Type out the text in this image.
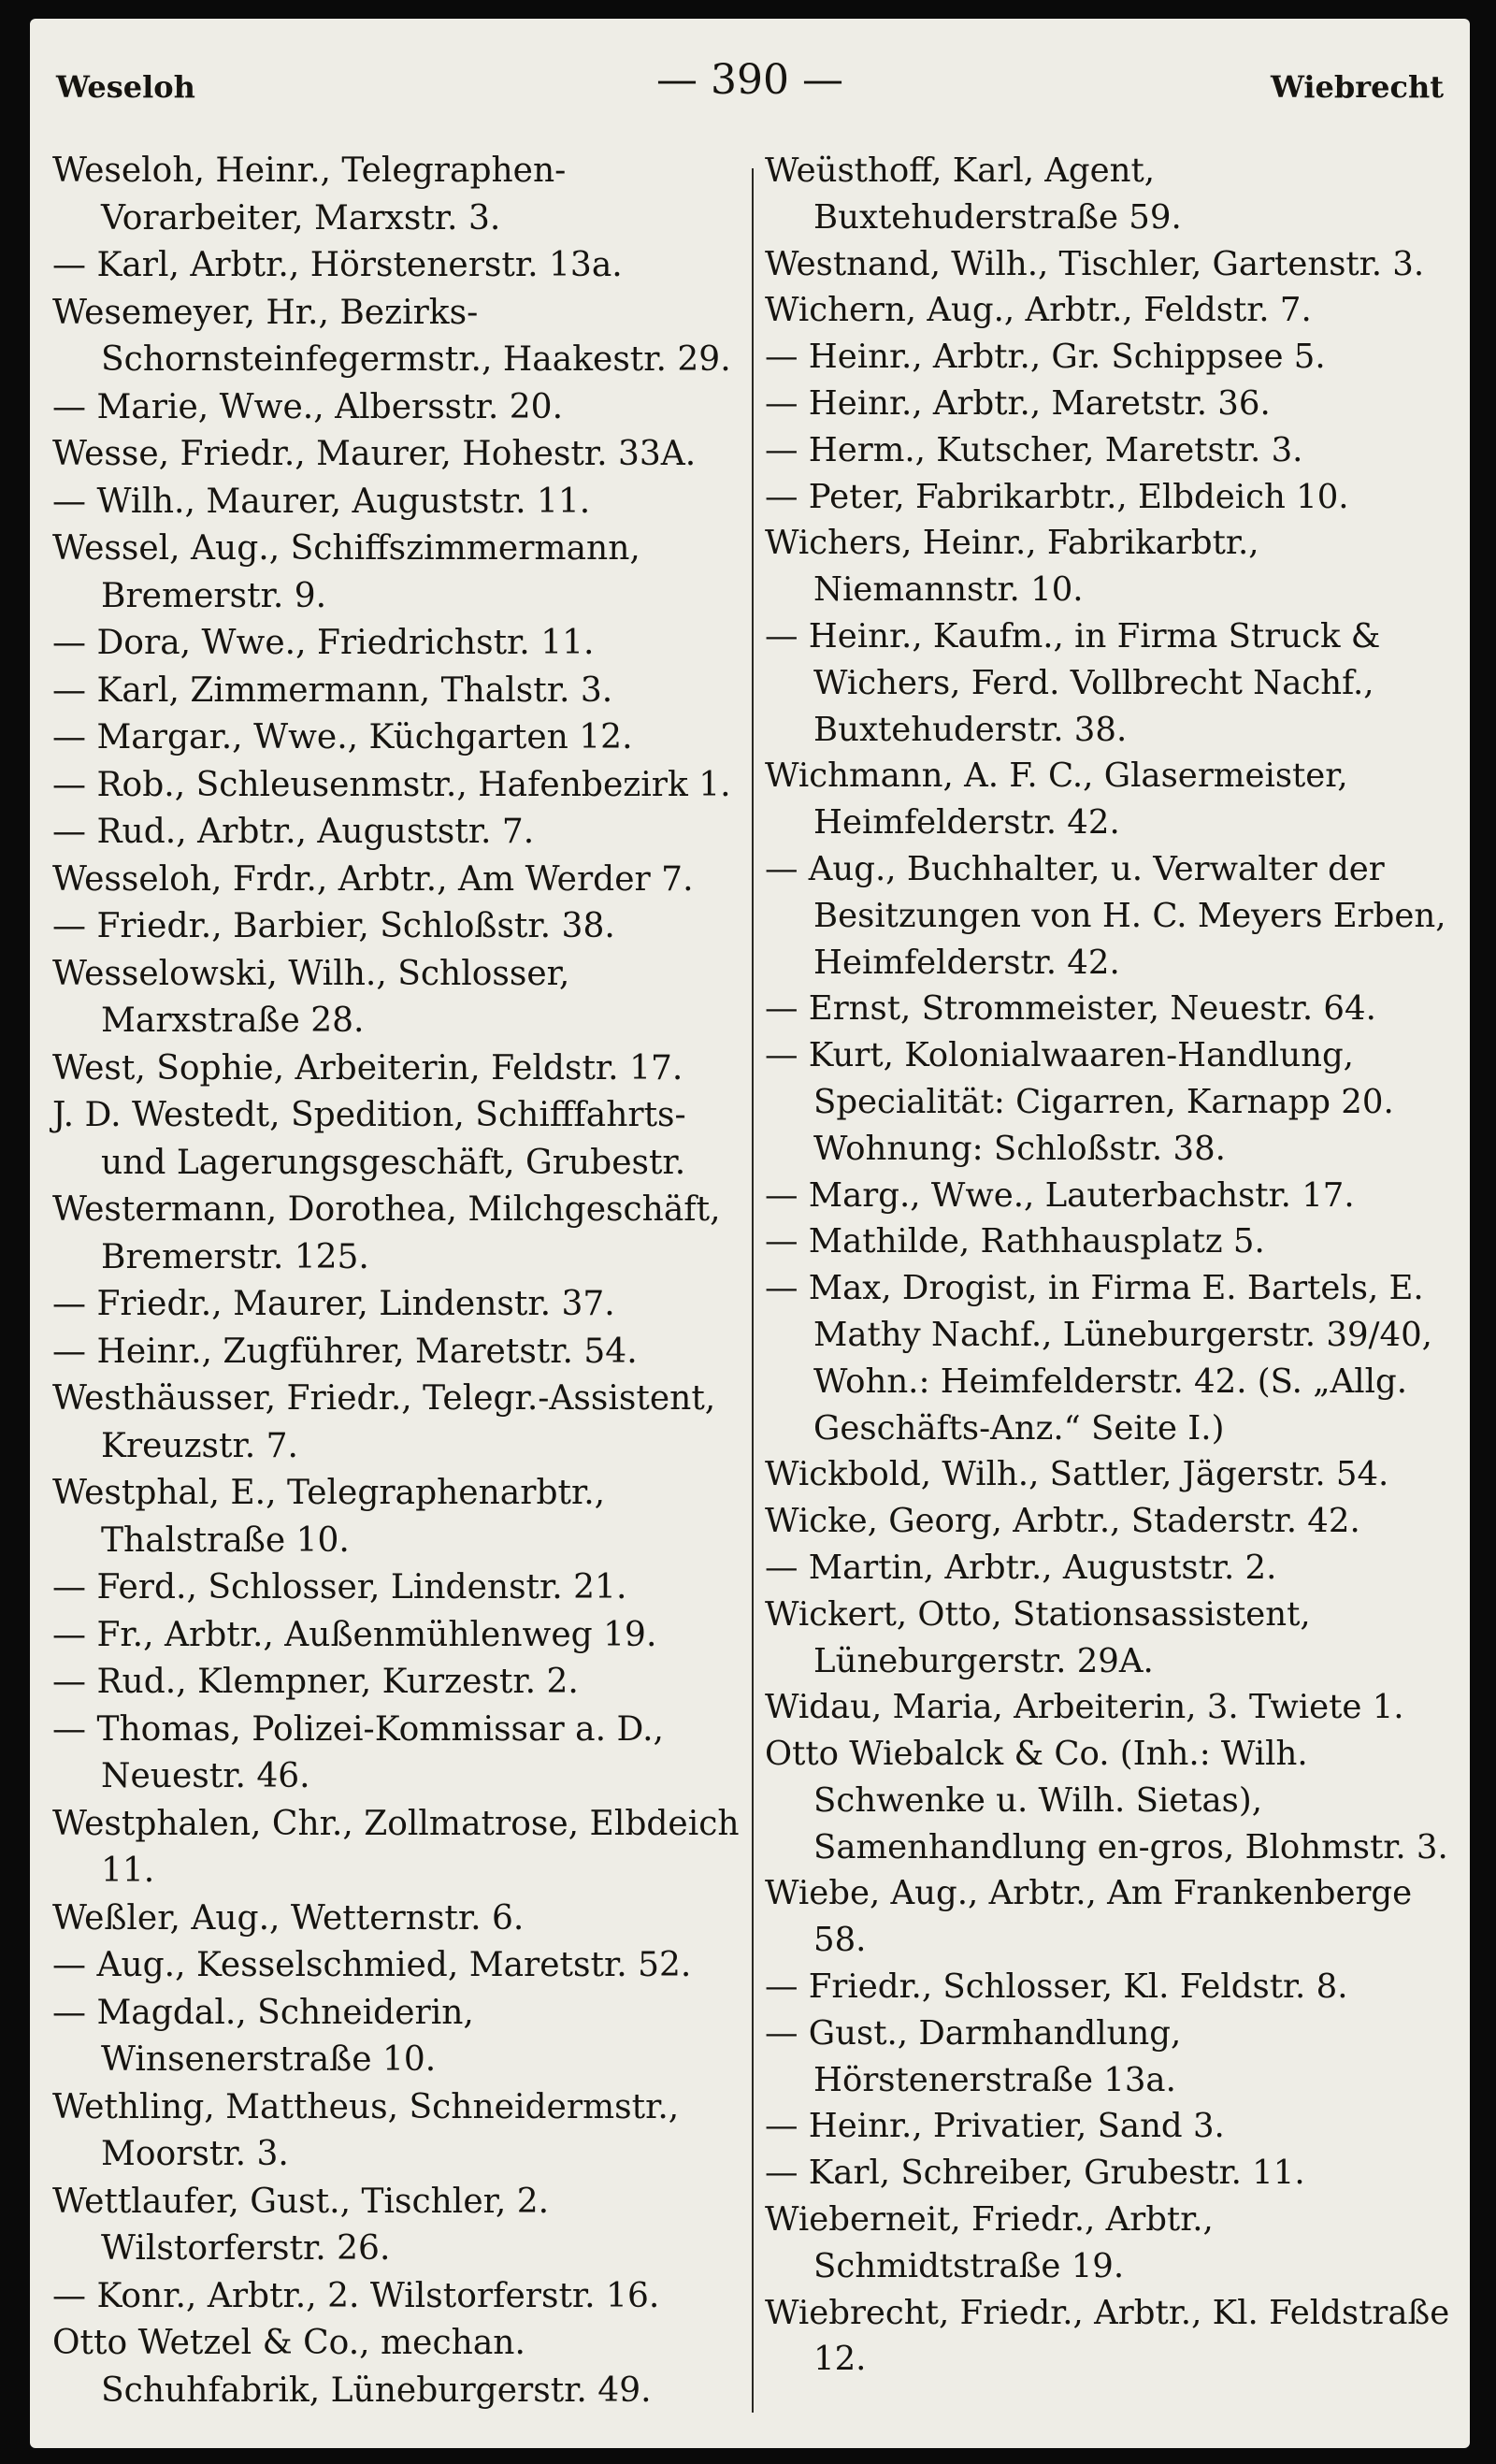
Weseloh	— 390 —	Wiebrecht
Weseloh, Heinr., Telegraphen-Vorarbeiter, Marxstr. 3.
— Karl, Arbtr., Hörstenerstr. 13a.
Wesemeyer, Hr., Bezirks-Schornsteinfegermstr., Haakestr. 29.
— Marie, Wwe., Albersstr. 20.
Wesse, Friedr., Maurer, Hohestr. 33A.
— Wilh., Maurer, Auguststr. 11.
Wessel, Aug., Schiffszimmermann, Bremerstr. 9.
— Dora, Wwe., Friedrichstr. 11.
— Karl, Zimmermann, Thalstr. 3.
— Margar., Wwe., Küchgarten 12.
— Rob., Schleusenmstr., Hafenbezirk 1.
— Rud., Arbtr., Auguststr. 7.
Wesseloh, Frdr., Arbtr., Am Werder 7.
— Friedr., Barbier, Schloßstr. 38.
Wesselowski, Wilh., Schlosser, Marxstraße 28.
West, Sophie, Arbeiterin, Feldstr. 17.
J. D. Westedt, Spedition, Schifffahrts- und Lagerungsgeschäft, Grubestr.
Westermann, Dorothea, Milchgeschäft, Bremerstr. 125.
— Friedr., Maurer, Lindenstr. 37.
— Heinr., Zugführer, Maretstr. 54.
Westhäusser, Friedr., Telegr.-Assistent, Kreuzstr. 7.
Westphal, E., Telegraphenarbtr., Thalstraße 10.
— Ferd., Schlosser, Lindenstr. 21.
— Fr., Arbtr., Außenmühlenweg 19.
— Rud., Klempner, Kurzestr. 2.
— Thomas, Polizei-Kommissar a. D., Neuestr. 46.
Westphalen, Chr., Zollmatrose, Elbdeich 11.
Weßler, Aug., Wetternstr. 6.
— Aug., Kesselschmied, Maretstr. 52.
— Magdal., Schneiderin, Winsenerstraße 10.
Wethling, Mattheus, Schneidermstr., Moorstr. 3.
Wettlaufer, Gust., Tischler, 2. Wilstorferstr. 26.
— Konr., Arbtr., 2. Wilstorferstr. 16.
Otto Wetzel & Co., mechan. Schuhfabrik, Lüneburgerstr. 49.
Weüsthoff, Karl, Agent, Buxtehuderstraße 59.
Westnand, Wilh., Tischler, Gartenstr. 3.
Wichern, Aug., Arbtr., Feldstr. 7.
— Heinr., Arbtr., Gr. Schippsee 5.
— Heinr., Arbtr., Maretstr. 36.
— Herm., Kutscher, Maretstr. 3.
— Peter, Fabrikarbtr., Elbdeich 10.
Wichers, Heinr., Fabrikarbtr., Niemannstr. 10.
— Heinr., Kaufm., in Firma Struck & Wichers, Ferd. Vollbrecht Nachf., Buxtehuderstr. 38.
Wichmann, A. F. C., Glasermeister, Heimfelderstr. 42.
— Aug., Buchhalter, u. Verwalter der Besitzungen von H. C. Meyers Erben, Heimfelderstr. 42.
— Ernst, Strommeister, Neuestr. 64.
— Kurt, Kolonialwaaren-Handlung, Specialität: Cigarren, Karnapp 20. Wohnung: Schloßstr. 38.
— Marg., Wwe., Lauterbachstr. 17.
— Mathilde, Rathhausplatz 5.
— Max, Drogist, in Firma E. Bartels, E. Mathy Nachf., Lüneburgerstr. 39/40, Wohn.: Heimfelderstr. 42. (S. „Allg. Geschäfts-Anz.“ Seite I.)
Wickbold, Wilh., Sattler, Jägerstr. 54.
Wicke, Georg, Arbtr., Staderstr. 42.
— Martin, Arbtr., Auguststr. 2.
Wickert, Otto, Stationsassistent, Lüneburgerstr. 29A.
Widau, Maria, Arbeiterin, 3. Twiete 1.
Otto Wiebalck & Co. (Inh.: Wilh. Schwenke u. Wilh. Sietas), Samenhandlung en-gros, Blohmstr. 3.
Wiebe, Aug., Arbtr., Am Frankenberge 58.
— Friedr., Schlosser, Kl. Feldstr. 8.
— Gust., Darmhandlung, Hörstenerstraße 13a.
— Heinr., Privatier, Sand 3.
— Karl, Schreiber, Grubestr. 11.
Wieberneit, Friedr., Arbtr., Schmidtstraße 19.
Wiebrecht, Friedr., Arbtr., Kl. Feldstraße 12.
